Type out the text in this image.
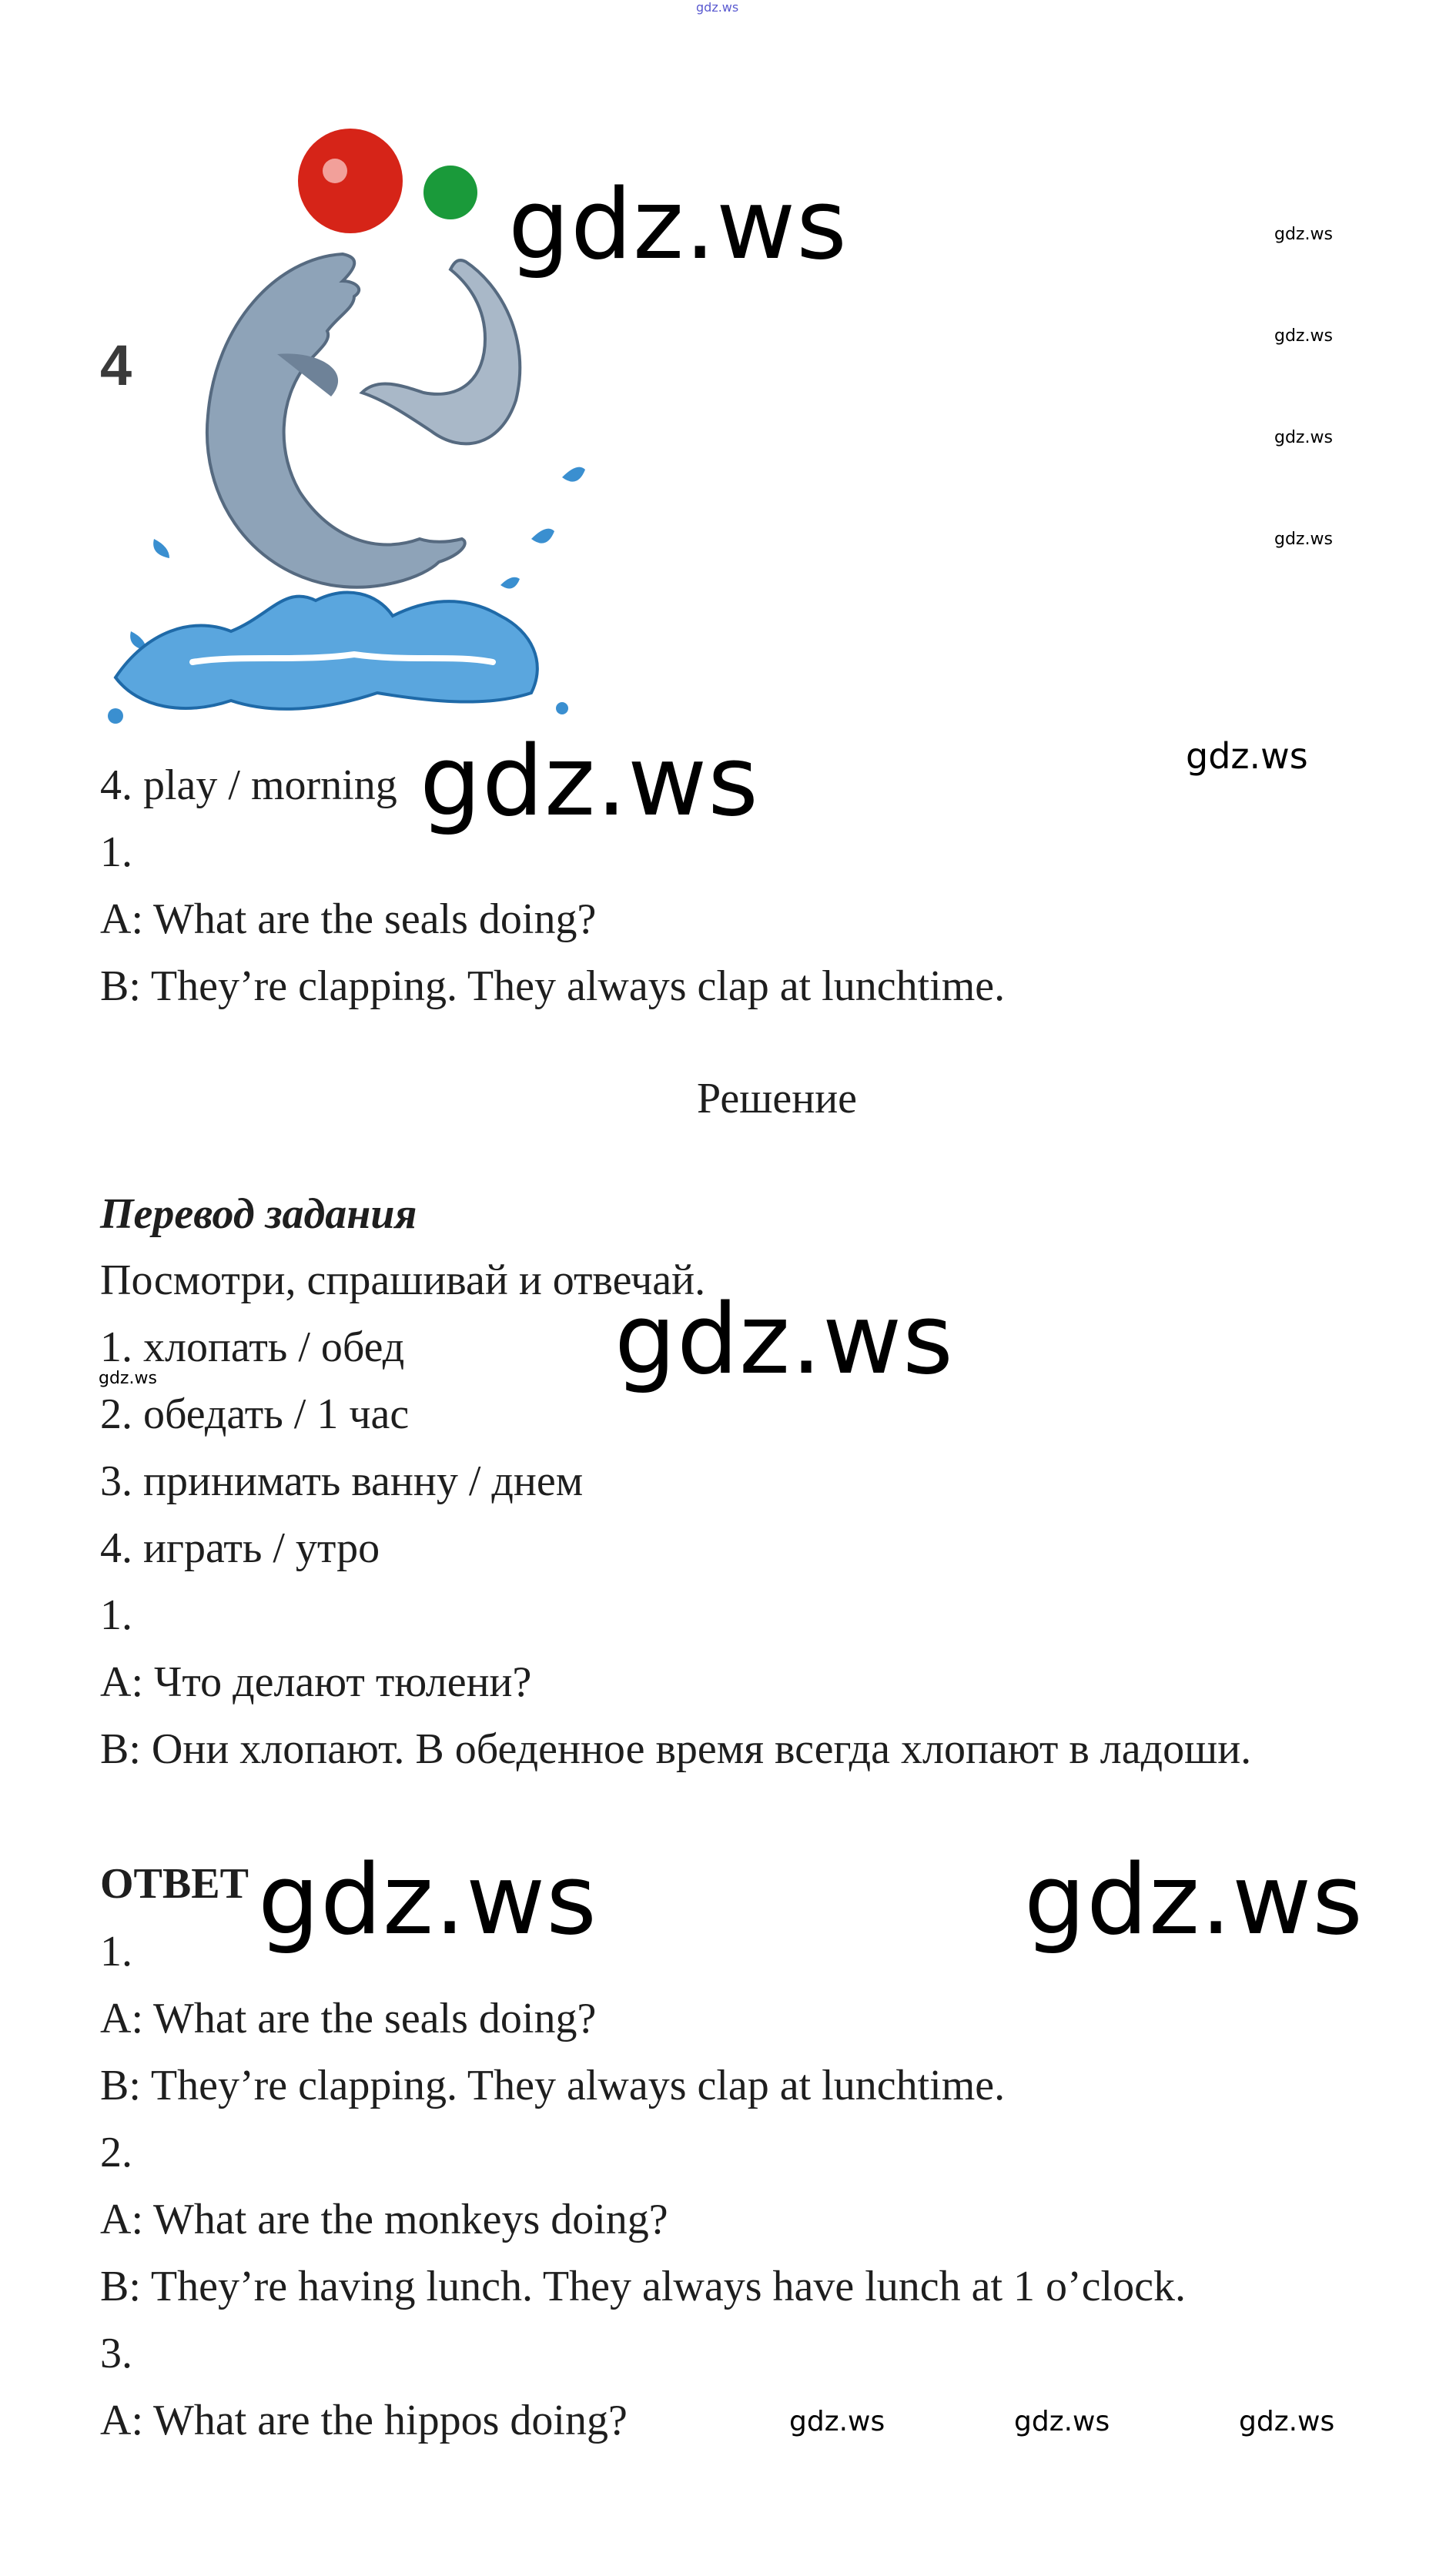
gdz.ws
4
gdz.ws	gdz.ws
gdz.ws
gdz.ws
gdz.ws
gdz.ws
4. play / morning gdz.ws
1.
A: What are the seals doing?
B: They’re clapping. They always clap at lunchtime.
Решение
Перевод задания
Посмотри, спрашивай и отвечай.
1. хлопать / обед gdz.ws
gdz.ws
2. обедать / 1 час
3. принимать ванну / днем
4. играть / утро
1.
A: Что делают тюлени?
B: Они хлопают. В обеденное время всегда хлопают в ладоши.
ОТВЕТ gdz.ws	gdz.ws
1.
A: What are the seals doing?
B: They’re clapping. They always clap at lunchtime.
2.
A: What are the monkeys doing?
B: They’re having lunch. They always have lunch at 1 o’clock.
3.
A: What are the hippos doing?	gdz.ws	gdz.ws	gdz.ws
